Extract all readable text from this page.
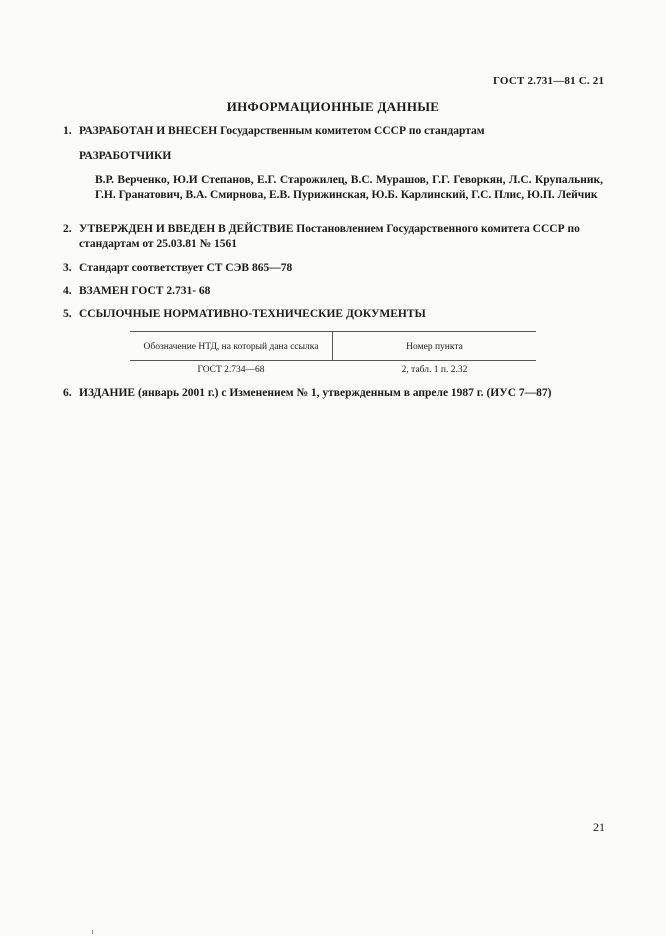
ГОСТ 2.731—81 С. 21
ИНФОРМАЦИОННЫЕ ДАННЫЕ
1. РАЗРАБОТАН И ВНЕСЕН Государственным комитетом СССР по стандартам
РАЗРАБОТЧИКИ
В.Р. Верченко, Ю.И Степанов, Е.Г. Старожилец, В.С. Мурашов, Г.Г. Геворкян, Л.С. Крупальник, Г.Н. Гранатович, В.А. Смирнова, Е.В. Пурижинская, Ю.Б. Карлинский, Г.С. Плис, Ю.П. Лейчик
2. УТВЕРЖДЕН И ВВЕДЕН В ДЕЙСТВИЕ Постановлением Государственного комитета СССР по стандартам от 25.03.81 № 1561
3. Стандарт соответствует СТ СЭВ 865—78
4. ВЗАМЕН ГОСТ 2.731- 68
5. ССЫЛОЧНЫЕ НОРМАТИВНО-ТЕХНИЧЕСКИЕ ДОКУМЕНТЫ
Обозначение НТД, на который дана ссылка	Номер пункта
ГОСТ 2.734—68	2, табл. 1 п. 2.32
6. ИЗДАНИЕ (январь 2001 г.) с Изменением № 1, утвержденным в апреле 1987 г. (ИУС 7—87)
21
